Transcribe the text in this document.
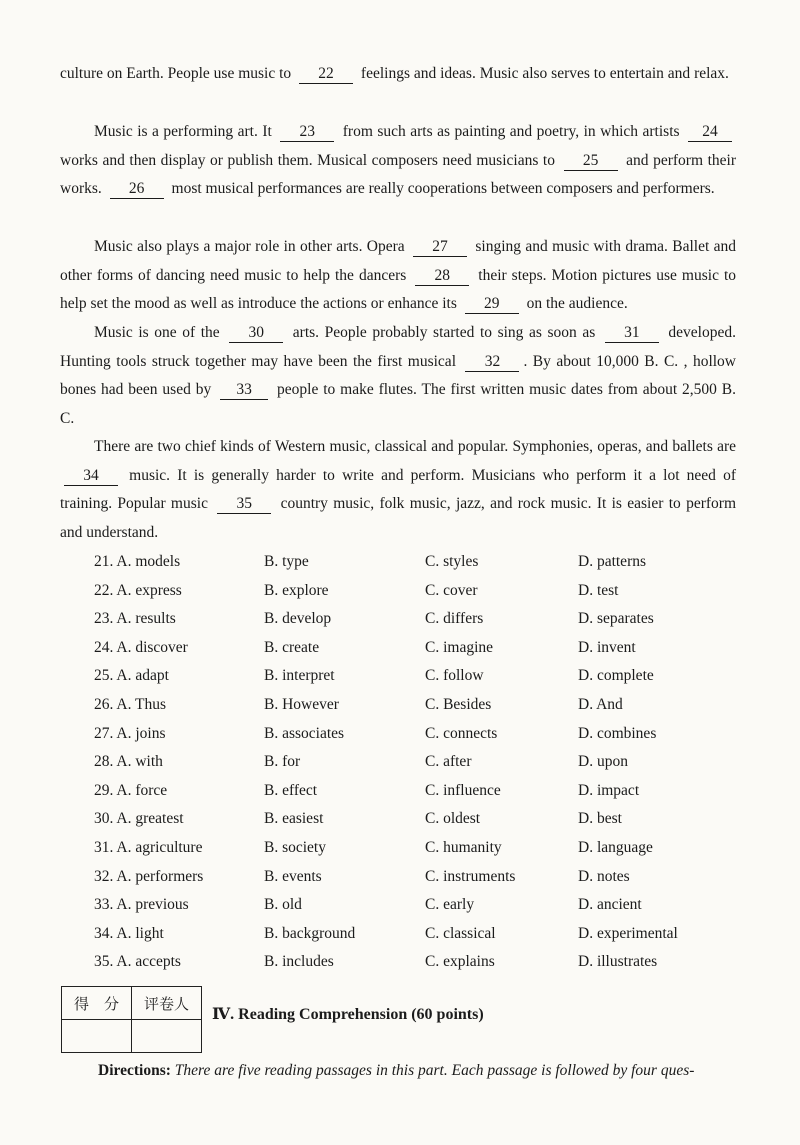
culture on Earth. People use music to 22 feelings and ideas. Music also serves to entertain and relax.
Music is a performing art. It 23 from such arts as painting and poetry, in which artists 24 works and then display or publish them. Musical composers need musicians to 25 and perform their works. 26 most musical performances are really cooperations between composers and performers.
Music also plays a major role in other arts. Opera 27 singing and music with drama. Ballet and other forms of dancing need music to help the dancers 28 their steps. Motion pictures use music to help set the mood as well as introduce the actions or enhance its 29 on the audience.
Music is one of the 30 arts. People probably started to sing as soon as 31 developed. Hunting tools struck together may have been the first musical 32 . By about 10,000 B. C. , hollow bones had been used by 33 people to make flutes. The first written music dates from about 2,500 B. C.
There are two chief kinds of Western music, classical and popular. Symphonies, operas, and ballets are 34 music. It is generally harder to write and perform. Musicians who perform it a lot need of training. Popular music 35 country music, folk music, jazz, and rock music. It is easier to perform and understand.
21. A. models	B. type	C. styles	D. patterns
22. A. express	B. explore	C. cover	D. test
23. A. results	B. develop	C. differs	D. separates
24. A. discover	B. create	C. imagine	D. invent
25. A. adapt	B. interpret	C. follow	D. complete
26. A. Thus	B. However	C. Besides	D. And
27. A. joins	B. associates	C. connects	D. combines
28. A. with	B. for	C. after	D. upon
29. A. force	B. effect	C. influence	D. impact
30. A. greatest	B. easiest	C. oldest	D. best
31. A. agriculture	B. society	C. humanity	D. language
32. A. performers	B. events	C. instruments	D. notes
33. A. previous	B. old	C. early	D. ancient
34. A. light	B. background	C. classical	D. experimental
35. A. accepts	B. includes	C. explains	D. illustrates
得　分	评卷人

Ⅳ. Reading Comprehension (60 points)
Directions: There are five reading passages in this part. Each passage is followed by four ques-
